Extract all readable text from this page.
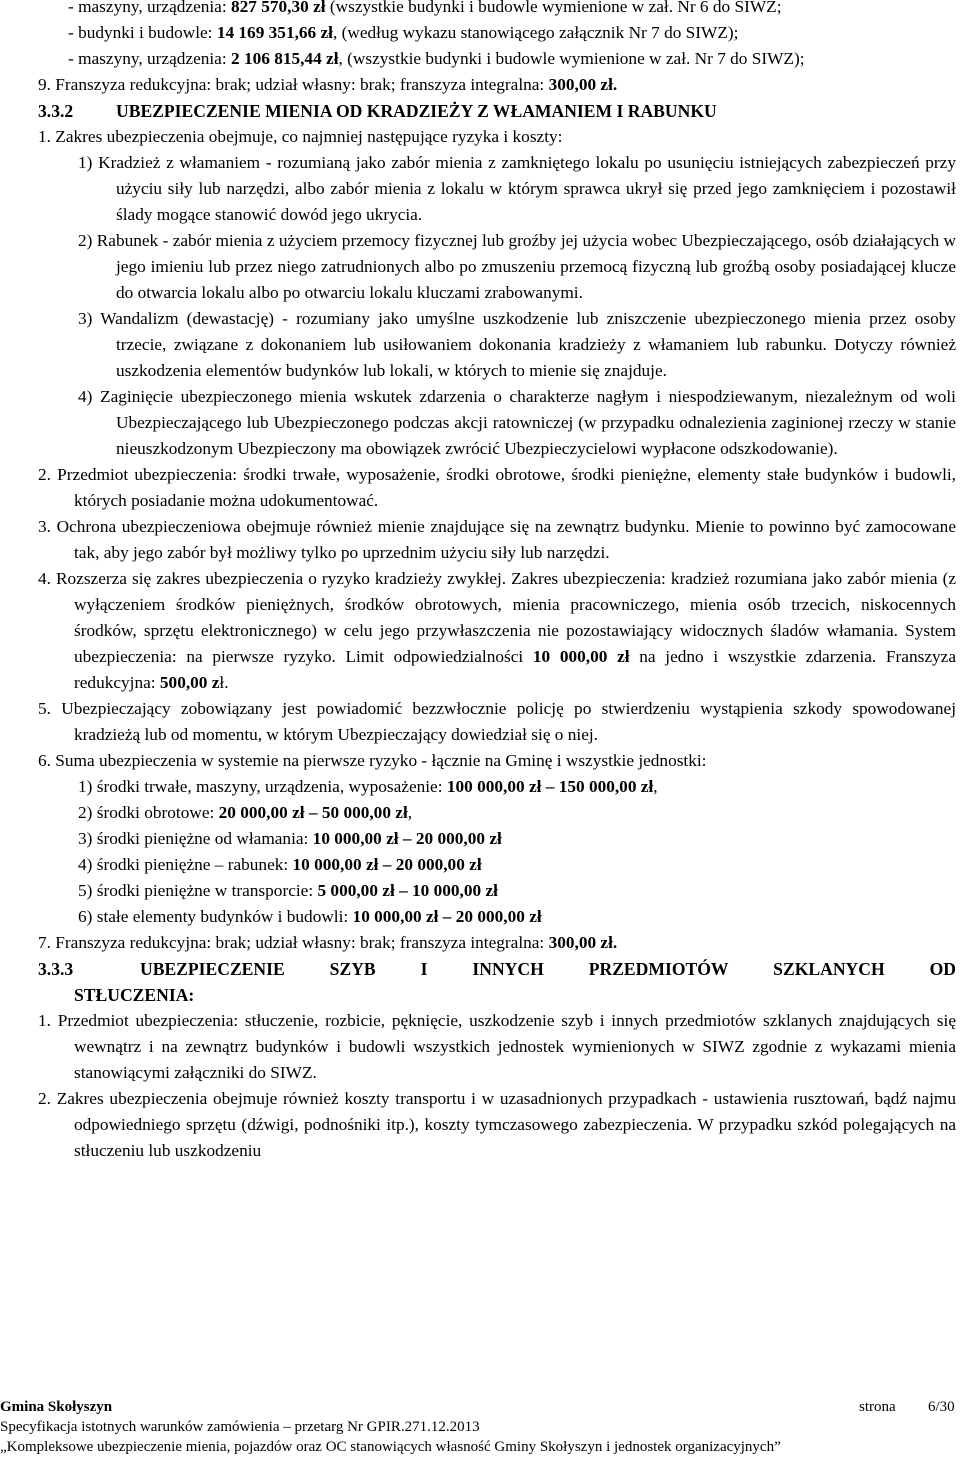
- maszyny, urządzenia: 827 570,30 zł (wszystkie budynki i budowle wymienione w zał. Nr 6 do SIWZ;

- budynki i budowle: 14 169 351,66 zł, (według wykazu stanowiącego załącznik Nr 7 do SIWZ);

- maszyny, urządzenia: 2 106 815,44 zł, (wszystkie budynki i budowle wymienione w zał. Nr 7 do SIWZ);

9. Franszyza redukcyjna: brak; udział własny: brak; franszyza integralna: 300,00 zł.

3.3.2 UBEZPIECZENIE MIENIA OD KRADZIEŻY Z WŁAMANIEM I RABUNKU

1. Zakres ubezpieczenia obejmuje, co najmniej następujące ryzyka i koszty:

1) Kradzież z włamaniem - rozumianą jako zabór mienia z zamkniętego lokalu po usunięciu istniejących zabezpieczeń przy użyciu siły lub narzędzi, albo zabór mienia z lokalu w którym sprawca ukrył się przed jego zamknięciem i pozostawił ślady mogące stanowić dowód jego ukrycia.

2) Rabunek - zabór mienia z użyciem przemocy fizycznej lub groźby jej użycia wobec Ubezpieczającego, osób działających w jego imieniu lub przez niego zatrudnionych albo po zmuszeniu przemocą fizyczną lub groźbą osoby posiadającej klucze do otwarcia lokalu albo po otwarciu lokalu kluczami zrabowanymi.

3) Wandalizm (dewastację) - rozumiany jako umyślne uszkodzenie lub zniszczenie ubezpieczonego mienia przez osoby trzecie, związane z dokonaniem lub usiłowaniem dokonania kradzieży z włamaniem lub rabunku. Dotyczy również uszkodzenia elementów budynków lub lokali, w których to mienie się znajduje.

4) Zaginięcie ubezpieczonego mienia wskutek zdarzenia o charakterze nagłym i niespodziewanym, niezależnym od woli Ubezpieczającego lub Ubezpieczonego podczas akcji ratowniczej (w przypadku odnalezienia zaginionej rzeczy w stanie nieuszkodzonym Ubezpieczony ma obowiązek zwrócić Ubezpieczycielowi wypłacone odszkodowanie).

2. Przedmiot ubezpieczenia: środki trwałe, wyposażenie, środki obrotowe, środki pieniężne, elementy stałe budynków i budowli, których posiadanie można udokumentować.

3. Ochrona ubezpieczeniowa obejmuje również mienie znajdujące się na zewnątrz budynku. Mienie to powinno być zamocowane tak, aby jego zabór był możliwy tylko po uprzednim użyciu siły lub narzędzi.

4. Rozszerza się zakres ubezpieczenia o ryzyko kradzieży zwykłej. Zakres ubezpieczenia: kradzież rozumiana jako zabór mienia (z wyłączeniem środków pieniężnych, środków obrotowych, mienia pracowniczego, mienia osób trzecich, niskocennych środków, sprzętu elektronicznego) w celu jego przywłaszczenia nie pozostawiający widocznych śladów włamania. System ubezpieczenia: na pierwsze ryzyko. Limit odpowiedzialności 10 000,00 zł na jedno i wszystkie zdarzenia. Franszyza redukcyjna: 500,00 zł.

5. Ubezpieczający zobowiązany jest powiadomić bezzwłocznie policję po stwierdzeniu wystąpienia szkody spowodowanej kradzieżą lub od momentu, w którym Ubezpieczający dowiedział się o niej.

6. Suma ubezpieczenia w systemie na pierwsze ryzyko - łącznie na Gminę i wszystkie jednostki:

1) środki trwałe, maszyny, urządzenia, wyposażenie: 100 000,00 zł – 150 000,00 zł,

2) środki obrotowe: 20 000,00 zł – 50 000,00 zł,

3) środki pieniężne od włamania: 10 000,00 zł – 20 000,00 zł

4) środki pieniężne – rabunek: 10 000,00 zł – 20 000,00 zł

5) środki pieniężne w transporcie: 5 000,00 zł – 10 000,00 zł

6) stałe elementy budynków i budowli: 10 000,00 zł – 20 000,00 zł

7. Franszyza redukcyjna: brak; udział własny: brak; franszyza integralna: 300,00 zł.

3.3.3	UBEZPIECZENIE SZYB I INNYCH PRZEDMIOTÓW SZKLANYCH OD STŁUCZENIA:

1. Przedmiot ubezpieczenia: stłuczenie, rozbicie, pęknięcie, uszkodzenie szyb i innych przedmiotów szklanych znajdujących się wewnątrz i na zewnątrz budynków i budowli wszystkich jednostek wymienionych w SIWZ zgodnie z wykazami mienia stanowiącymi załączniki do SIWZ.

2. Zakres ubezpieczenia obejmuje również koszty transportu i w uzasadnionych przypadkach - ustawienia rusztowań, bądź najmu odpowiedniego sprzętu (dźwigi, podnośniki itp.), koszty tymczasowego zabezpieczenia. W przypadku szkód polegających na stłuczeniu lub uszkodzeniu

Gmina Skołyszyn	strona 6/30
Specyfikacja istotnych warunków zamówienia – przetarg Nr GPIR.271.12.2013
„Kompleksowe ubezpieczenie mienia, pojazdów oraz OC stanowiących własność Gminy Skołyszyn i jednostek organizacyjnych”
